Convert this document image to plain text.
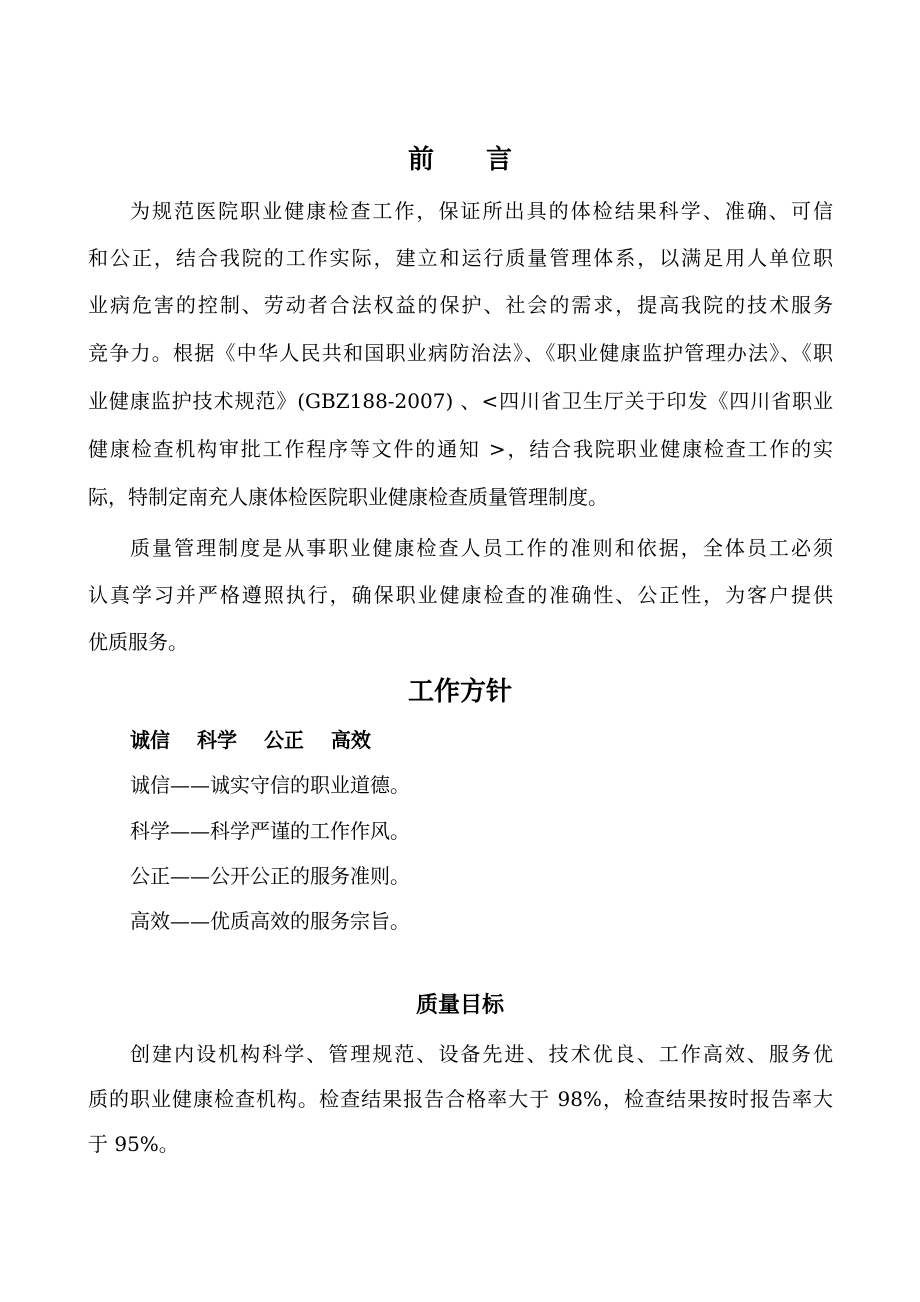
前言
为规范医院职业健康检查工作，保证所出具的体检结果科学、准确、可信
和公正，结合我院的工作实际，建立和运行质量管理体系，以满足用人单位职
业病危害的控制、劳动者合法权益的保护、社会的需求，提高我院的技术服务
竞争力。根据《中华人民共和国职业病防治法》、《职业健康监护管理办法》、《职
业健康监护技术规范》(GBZ188-2007) 、<四川省卫生厅关于印发《四川省职业
健康检查机构审批工作程序等文件的通知 >，结合我院职业健康检查工作的实
际，特制定南充人康体检医院职业健康检查质量管理制度。
质量管理制度是从事职业健康检查人员工作的准则和依据，全体员工必须
认真学习并严格遵照执行，确保职业健康检查的准确性、公正性，为客户提供
优质服务。
工作方针
诚信 科学 公正 高效
诚信——诚实守信的职业道德。
科学——科学严谨的工作作风。
公正——公开公正的服务准则。
高效——优质高效的服务宗旨。
质量目标
创建内设机构科学、管理规范、设备先进、技术优良、工作高效、服务优
质的职业健康检查机构。检查结果报告合格率大于 98%，检查结果按时报告率大
于 95%。
